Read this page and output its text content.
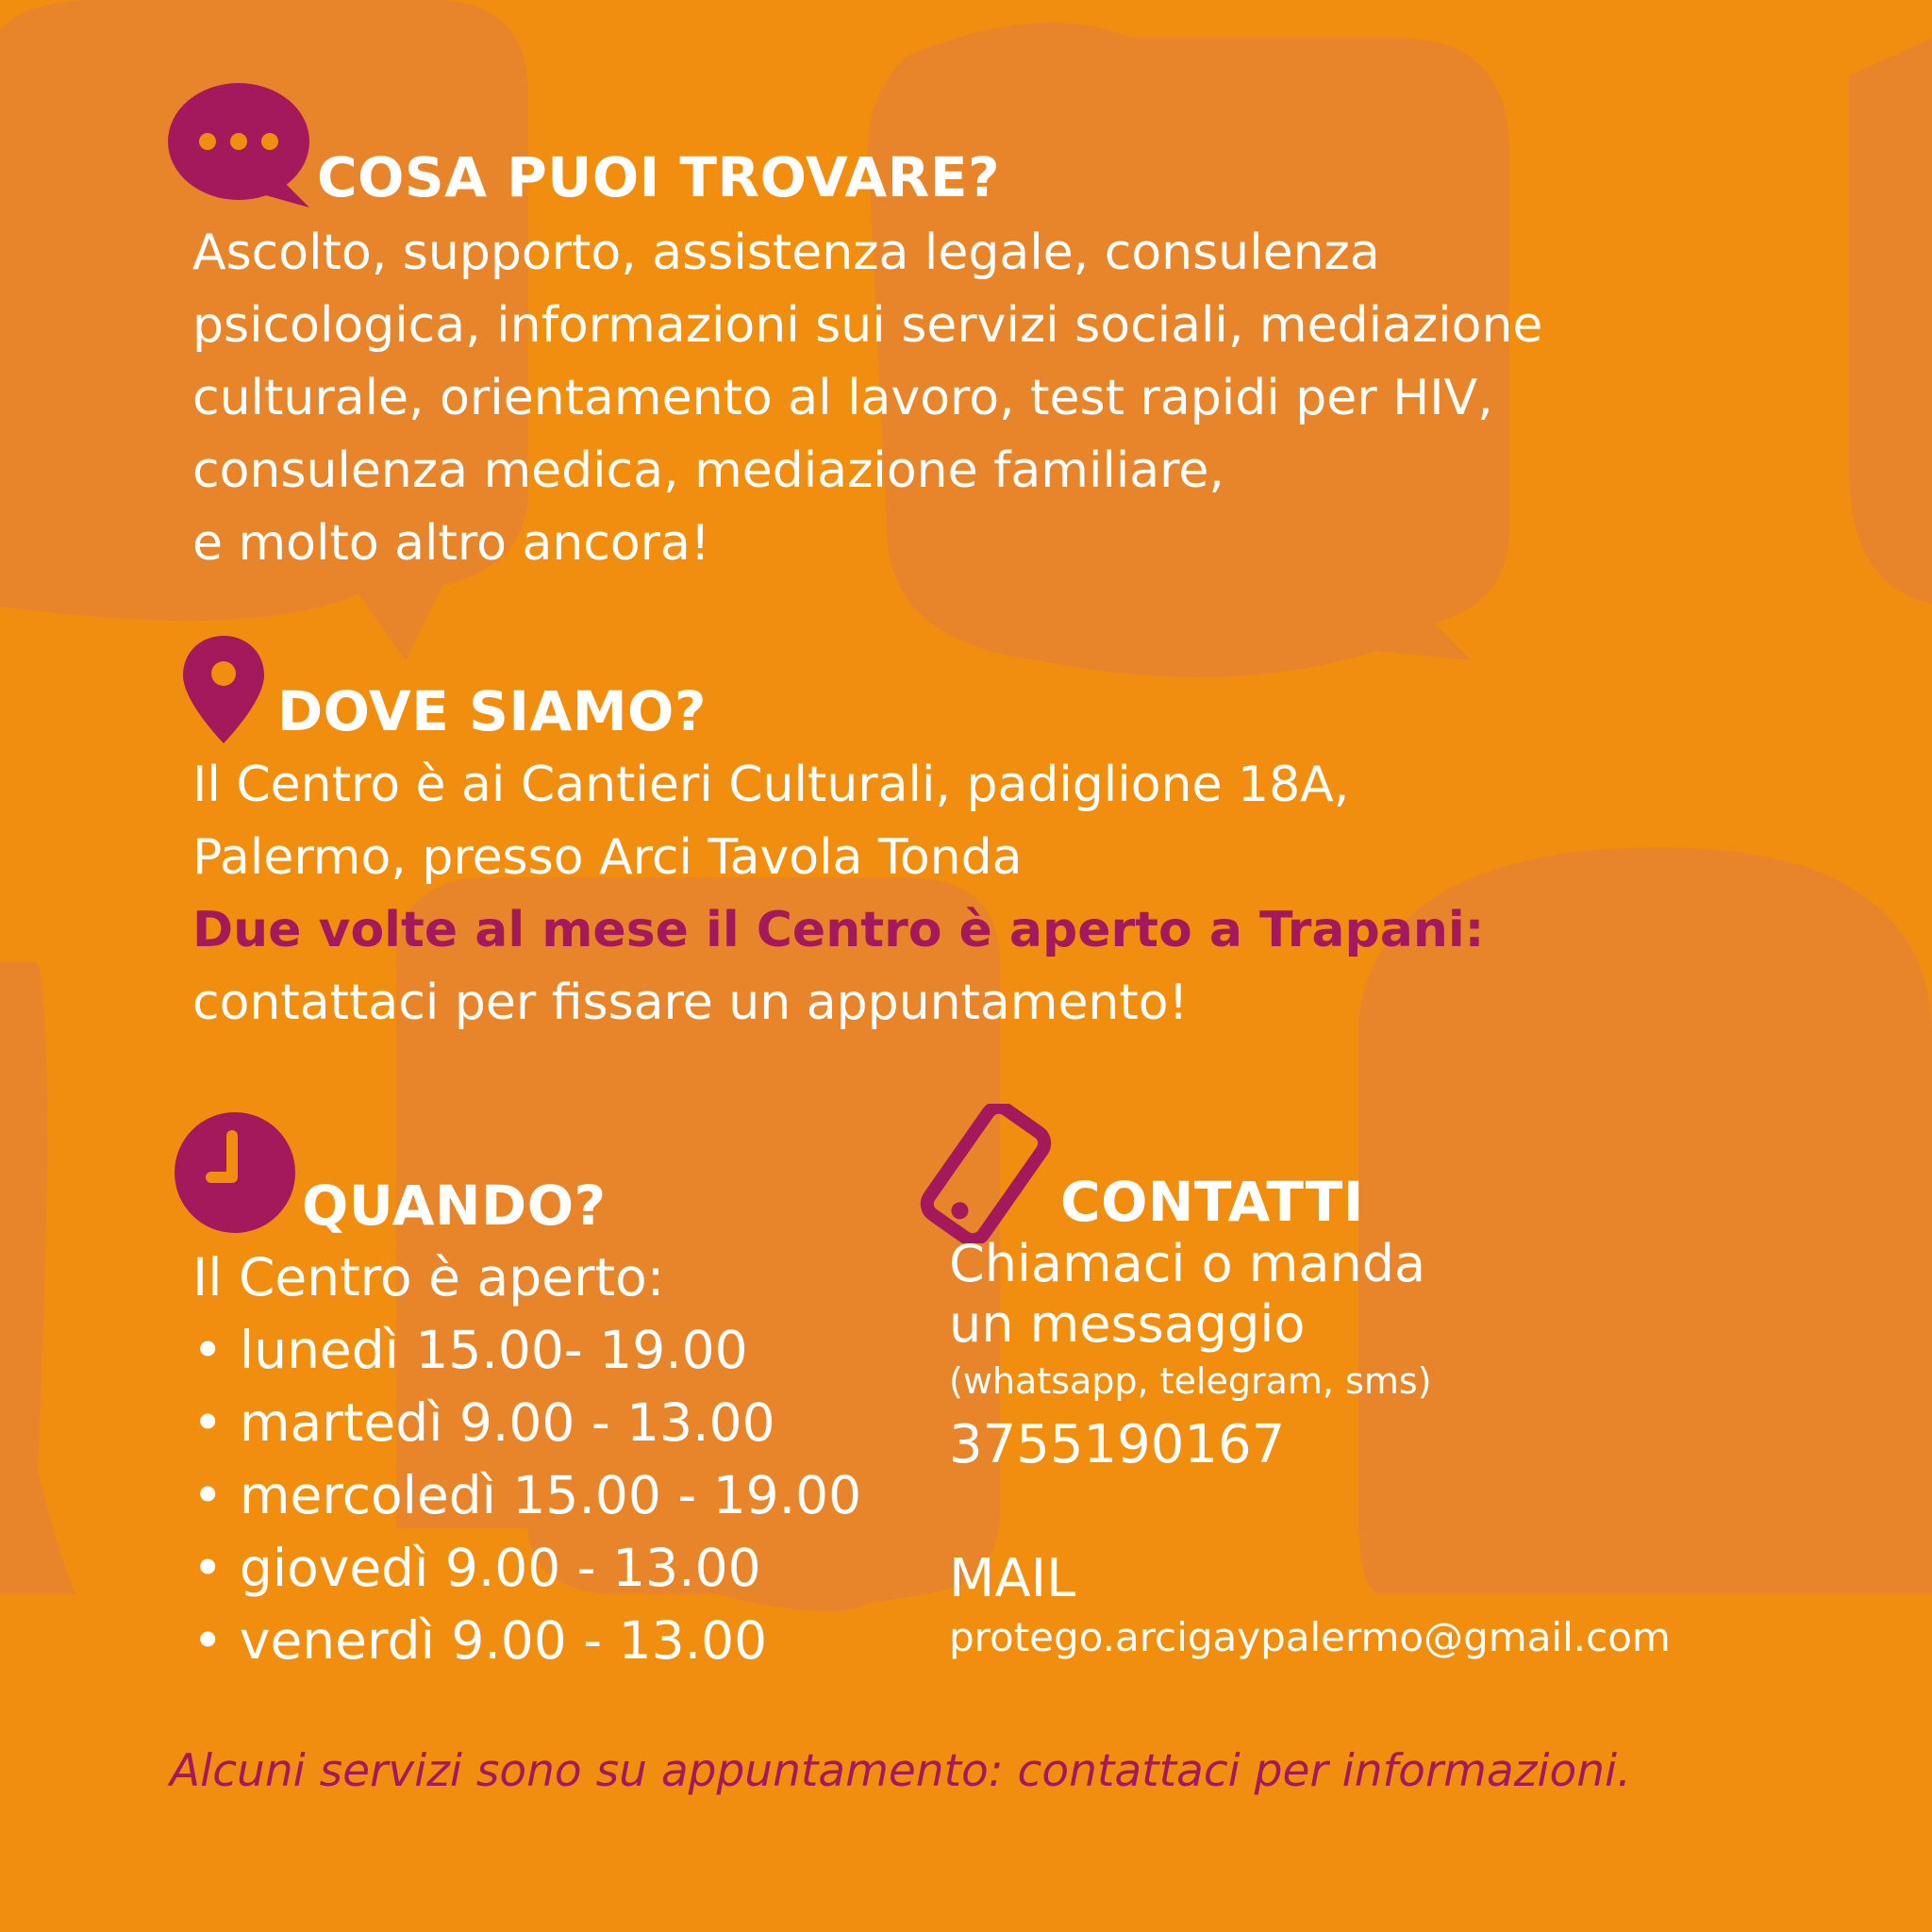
COSA PUOI TROVARE?
Ascolto, supporto, assistenza legale, consulenza
psicologica, informazioni sui servizi sociali, mediazione
culturale, orientamento al lavoro, test rapidi per HIV,
consulenza medica, mediazione familiare,
e molto altro ancora!
DOVE SIAMO?
Il Centro è ai Cantieri Culturali, padiglione 18A,
Palermo, presso Arci Tavola Tonda
Due volte al mese il Centro è aperto a Trapani:
contattaci per fissare un appuntamento!
QUANDO?
Il Centro è aperto:
• lunedì 15.00- 19.00
• martedì 9.00 - 13.00
• mercoledì 15.00 - 19.00
• giovedì 9.00 - 13.00
• venerdì 9.00 - 13.00
CONTATTI
Chiamaci o manda
un messaggio
(whatsapp, telegram, sms)
3755190167
MAIL
protego.arcigaypalermo@gmail.com
Alcuni servizi sono su appuntamento: contattaci per informazioni.
